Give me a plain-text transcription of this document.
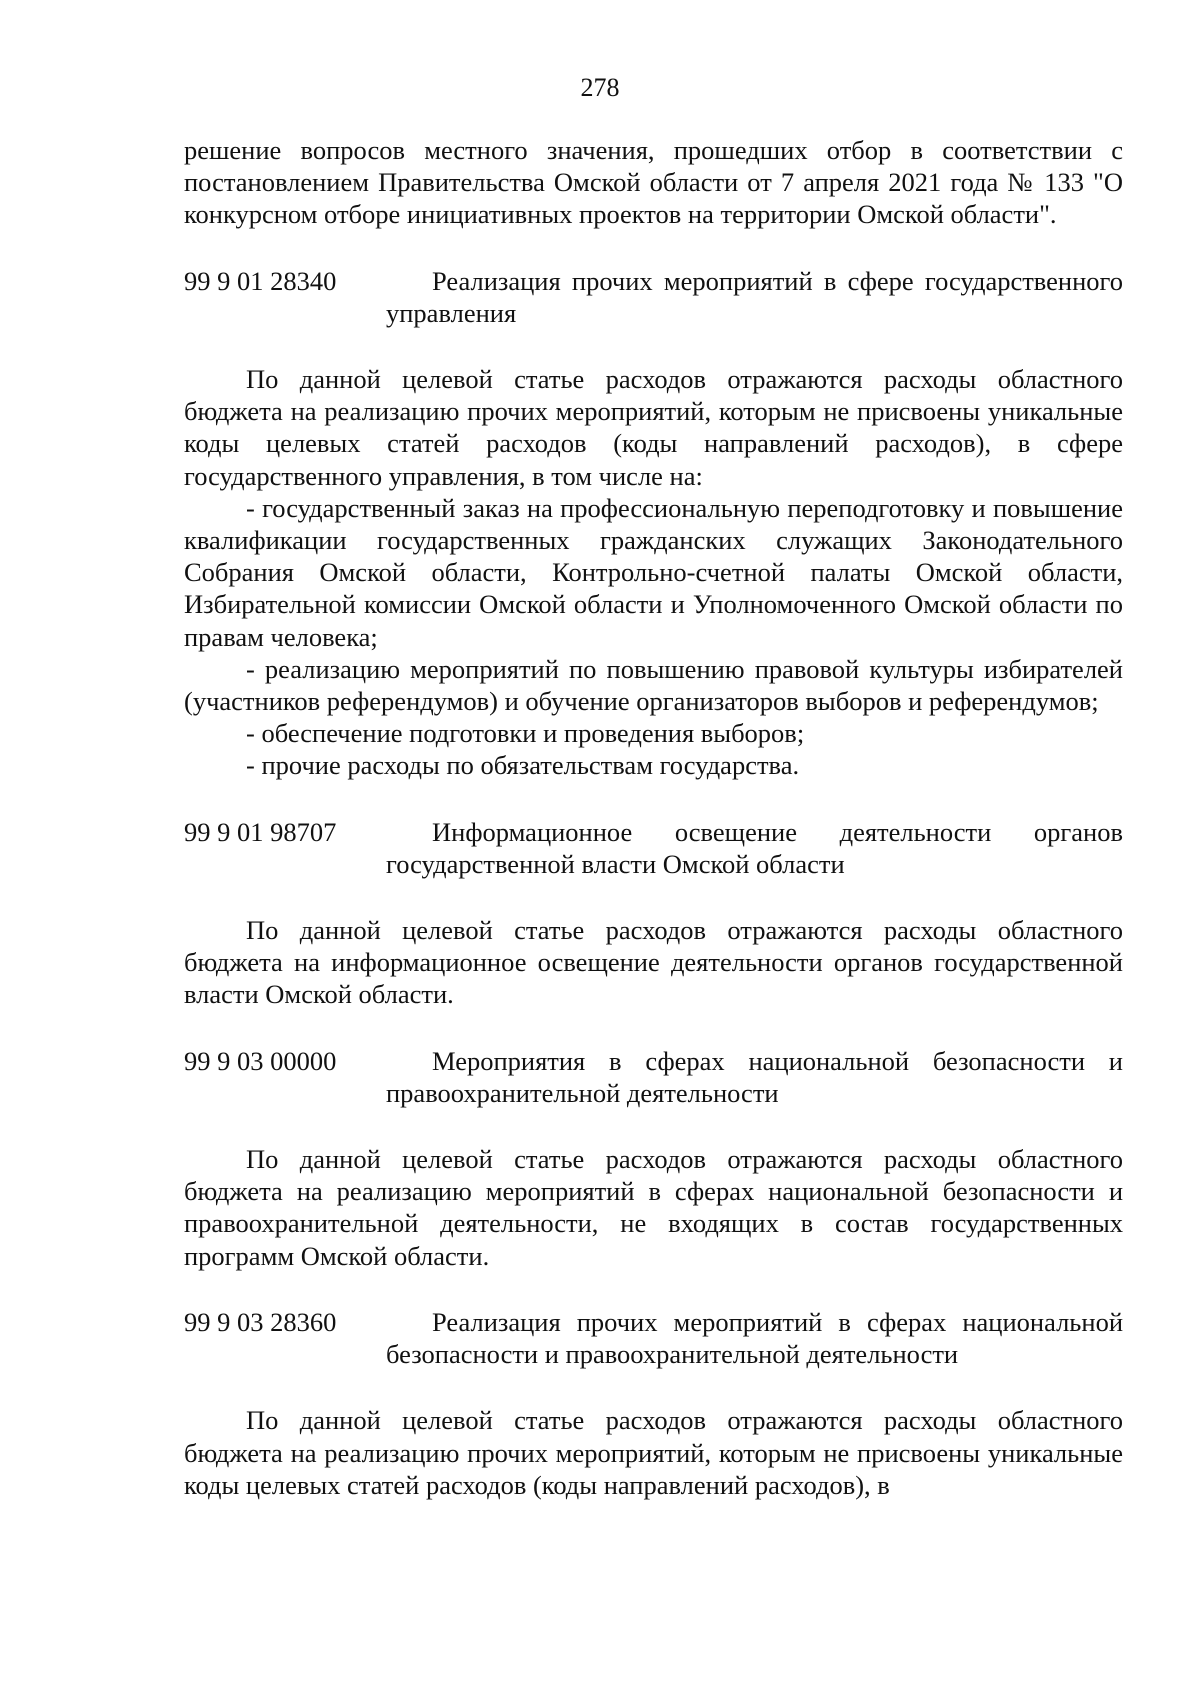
278

решение вопросов местного значения, прошедших отбор в соответствии с постановлением Правительства Омской области от 7 апреля 2021 года № 133 "О конкурсном отборе инициативных проектов на территории Омской области".

99 9 01 28340	Реализация прочих мероприятий в сфере государственного управления

По данной целевой статье расходов отражаются расходы областного бюджета на реализацию прочих мероприятий, которым не присвоены уникальные коды целевых статей расходов (коды направлений расходов), в сфере государственного управления, в том числе на:

- государственный заказ на профессиональную переподготовку и повышение квалификации государственных гражданских служащих Законодательного Собрания Омской области, Контрольно-счетной палаты Омской области, Избирательной комиссии Омской области и Уполномоченного Омской области по правам человека;

- реализацию мероприятий по повышению правовой культуры избирателей (участников референдумов) и обучение организаторов выборов и референдумов;

- обеспечение подготовки и проведения выборов;

- прочие расходы по обязательствам государства.

99 9 01 98707	Информационное освещение деятельности органов государственной власти Омской области

По данной целевой статье расходов отражаются расходы областного бюджета на информационное освещение деятельности органов государственной власти Омской области.

99 9 03 00000	Мероприятия в сферах национальной безопасности и правоохранительной деятельности

По данной целевой статье расходов отражаются расходы областного бюджета на реализацию мероприятий в сферах национальной безопасности и правоохранительной деятельности, не входящих в состав государственных программ Омской области.

99 9 03 28360	Реализация прочих мероприятий в сферах национальной безопасности и правоохранительной деятельности

По данной целевой статье расходов отражаются расходы областного бюджета на реализацию прочих мероприятий, которым не присвоены уникальные коды целевых статей расходов (коды направлений расходов), в
